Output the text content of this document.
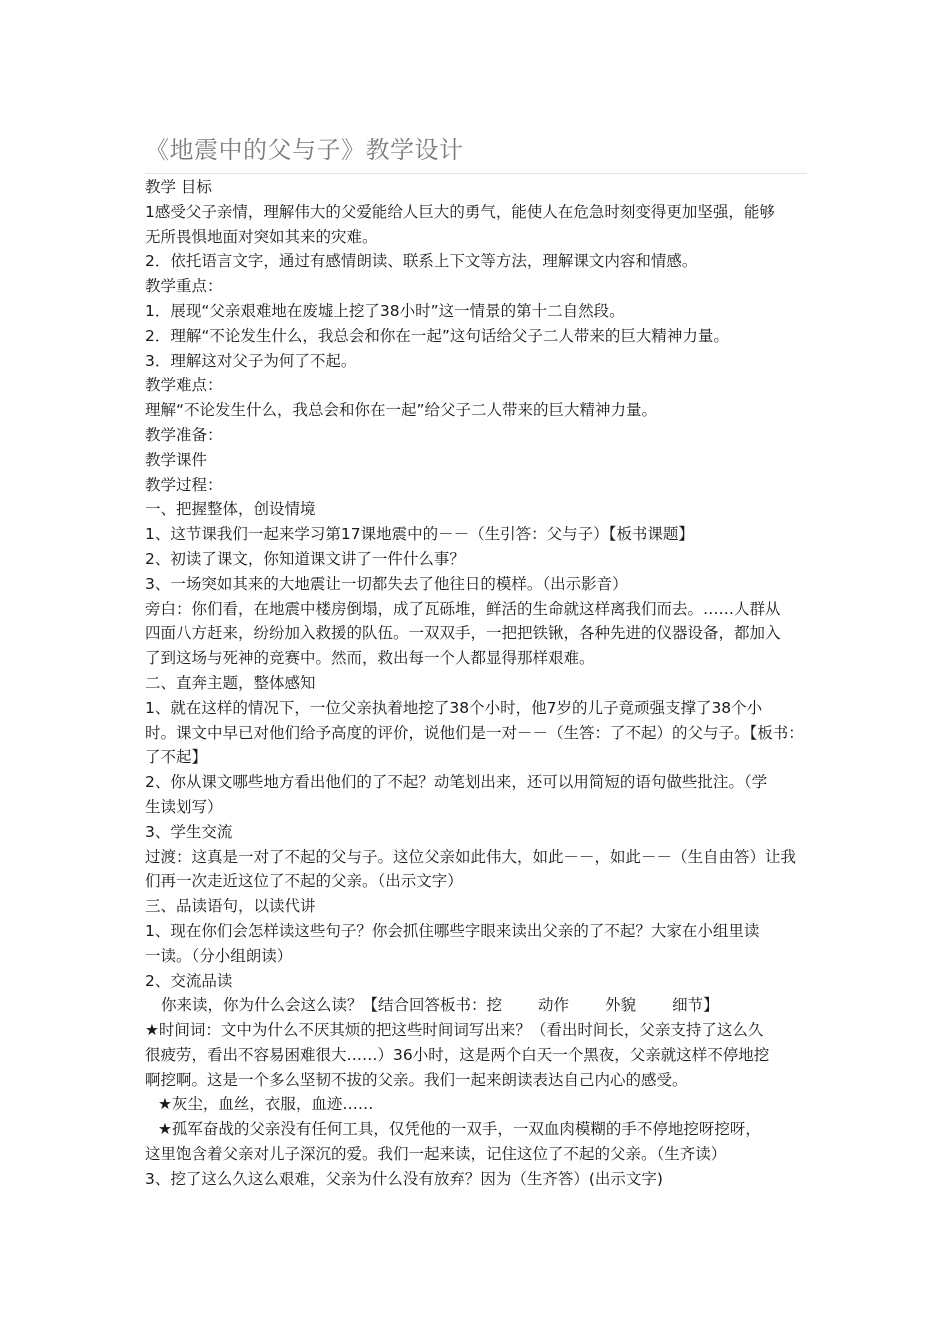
《地震中的父与子》教学设计
教学 目标
1感受父子亲情，理解伟大的父爱能给人巨大的勇气，能使人在危急时刻变得更加坚强，能够
无所畏惧地面对突如其来的灾难。
2．依托语言文字，通过有感情朗读、联系上下文等方法，理解课文内容和情感。
教学重点：
1．展现“父亲艰难地在废墟上挖了38小时”这一情景的第十二自然段。
2．理解“不论发生什么，我总会和你在一起”这句话给父子二人带来的巨大精神力量。
3．理解这对父子为何了不起。
教学难点：
理解“不论发生什么，我总会和你在一起”给父子二人带来的巨大精神力量。
教学准备：
教学课件
教学过程：
一、把握整体，创设情境
1、这节课我们一起来学习第17课地震中的－－（生引答：父与子）【板书课题】
2、初读了课文，你知道课文讲了一件什么事？
3、一场突如其来的大地震让一切都失去了他往日的模样。（出示影音）
旁白：你们看，在地震中楼房倒塌，成了瓦砾堆，鲜活的生命就这样离我们而去。……人群从
四面八方赶来，纷纷加入救援的队伍。一双双手，一把把铁锹，各种先进的仪器设备，都加入
了到这场与死神的竞赛中。然而，救出每一个人都显得那样艰难。
二、直奔主题，整体感知
1、就在这样的情况下，一位父亲执着地挖了38个小时，他7岁的儿子竟顽强支撑了38个小
时。课文中早已对他们给予高度的评价，说他们是一对－－（生答：了不起）的父与子。【板书：
了不起】
2、你从课文哪些地方看出他们的了不起？动笔划出来，还可以用简短的语句做些批注。（学
生读划写）
3、学生交流
过渡：这真是一对了不起的父与子。这位父亲如此伟大，如此－－，如此－－（生自由答）让我
们再一次走近这位了不起的父亲。（出示文字）
三、品读语句，以读代讲
1、现在你们会怎样读这些句子？你会抓住哪些字眼来读出父亲的了不起？大家在小组里读
一读。（分小组朗读）
2、交流品读
你来读，你为什么会这么读？【结合回答板书：挖 动作 外貌 细节】
★时间词：文中为什么不厌其烦的把这些时间词写出来？（看出时间长，父亲支持了这么久
很疲劳，看出不容易困难很大……）36小时，这是两个白天一个黑夜，父亲就这样不停地挖
啊挖啊。这是一个多么坚韧不拔的父亲。我们一起来朗读表达自己内心的感受。
★灰尘，血丝，衣服，血迹……
★孤军奋战的父亲没有任何工具，仅凭他的一双手，一双血肉模糊的手不停地挖呀挖呀，
这里饱含着父亲对儿子深沉的爱。我们一起来读，记住这位了不起的父亲。（生齐读）
3、挖了这么久这么艰难，父亲为什么没有放弃？因为（生齐答）(出示文字)
